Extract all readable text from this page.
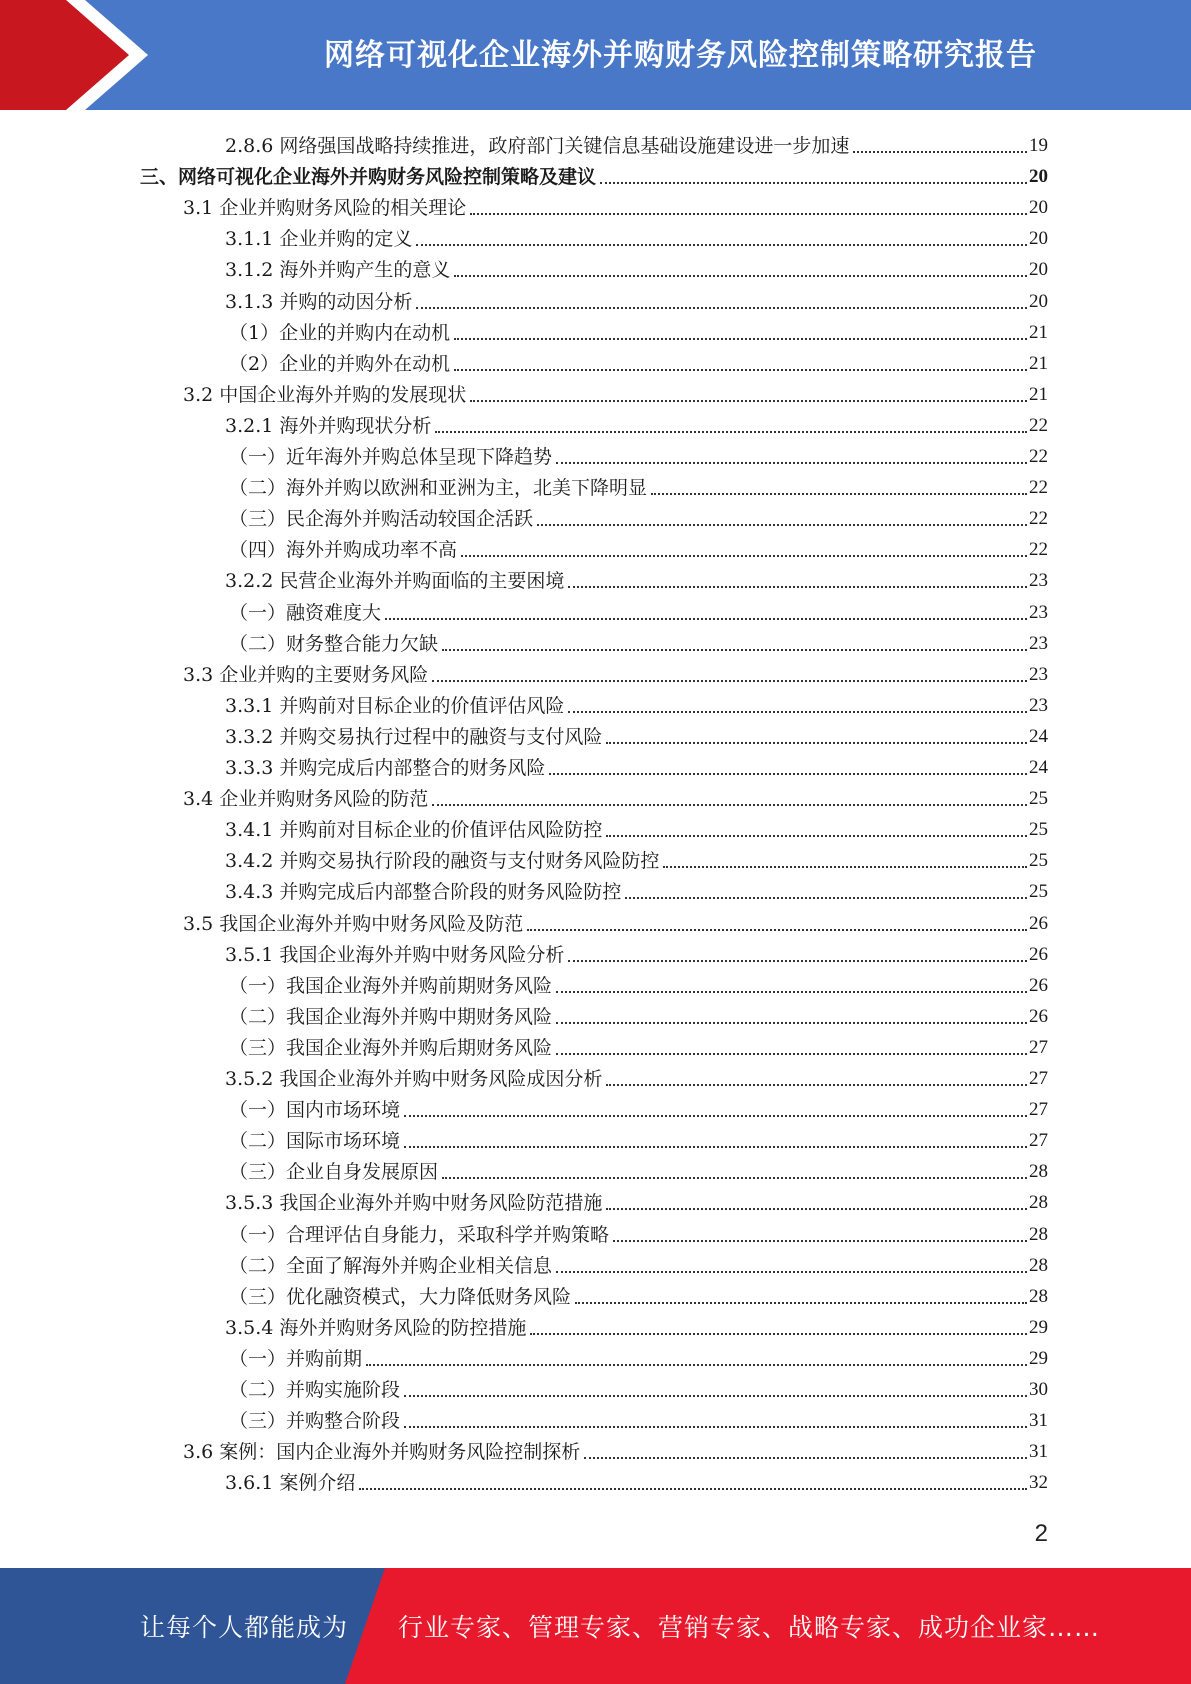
网络可视化企业海外并购财务风险控制策略研究报告
2.8.6 网络强国战略持续推进，政府部门关键信息基础设施建设进一步加速	19
三、网络可视化企业海外并购财务风险控制策略及建议	20
3.1 企业并购财务风险的相关理论	20
3.1.1 企业并购的定义	20
3.1.2 海外并购产生的意义	20
3.1.3 并购的动因分析	20
（1）企业的并购内在动机	21
（2）企业的并购外在动机	21
3.2 中国企业海外并购的发展现状	21
3.2.1 海外并购现状分析	22
（一）近年海外并购总体呈现下降趋势	22
（二）海外并购以欧洲和亚洲为主，北美下降明显	22
（三）民企海外并购活动较国企活跃	22
（四）海外并购成功率不高	22
3.2.2 民营企业海外并购面临的主要困境	23
（一）融资难度大	23
（二）财务整合能力欠缺	23
3.3 企业并购的主要财务风险	23
3.3.1 并购前对目标企业的价值评估风险	23
3.3.2 并购交易执行过程中的融资与支付风险	24
3.3.3 并购完成后内部整合的财务风险	24
3.4 企业并购财务风险的防范	25
3.4.1 并购前对目标企业的价值评估风险防控	25
3.4.2 并购交易执行阶段的融资与支付财务风险防控	25
3.4.3 并购完成后内部整合阶段的财务风险防控	25
3.5 我国企业海外并购中财务风险及防范	26
3.5.1 我国企业海外并购中财务风险分析	26
（一）我国企业海外并购前期财务风险	26
（二）我国企业海外并购中期财务风险	26
（三）我国企业海外并购后期财务风险	27
3.5.2 我国企业海外并购中财务风险成因分析	27
（一）国内市场环境	27
（二）国际市场环境	27
（三）企业自身发展原因	28
3.5.3 我国企业海外并购中财务风险防范措施	28
（一）合理评估自身能力，采取科学并购策略	28
（二）全面了解海外并购企业相关信息	28
（三）优化融资模式，大力降低财务风险	28
3.5.4 海外并购财务风险的防控措施	29
（一）并购前期	29
（二）并购实施阶段	30
（三）并购整合阶段	31
3.6 案例：国内企业海外并购财务风险控制探析	31
3.6.1 案例介绍	32
2
让每个人都能成为 行业专家、管理专家、营销专家、战略专家、成功企业家……
